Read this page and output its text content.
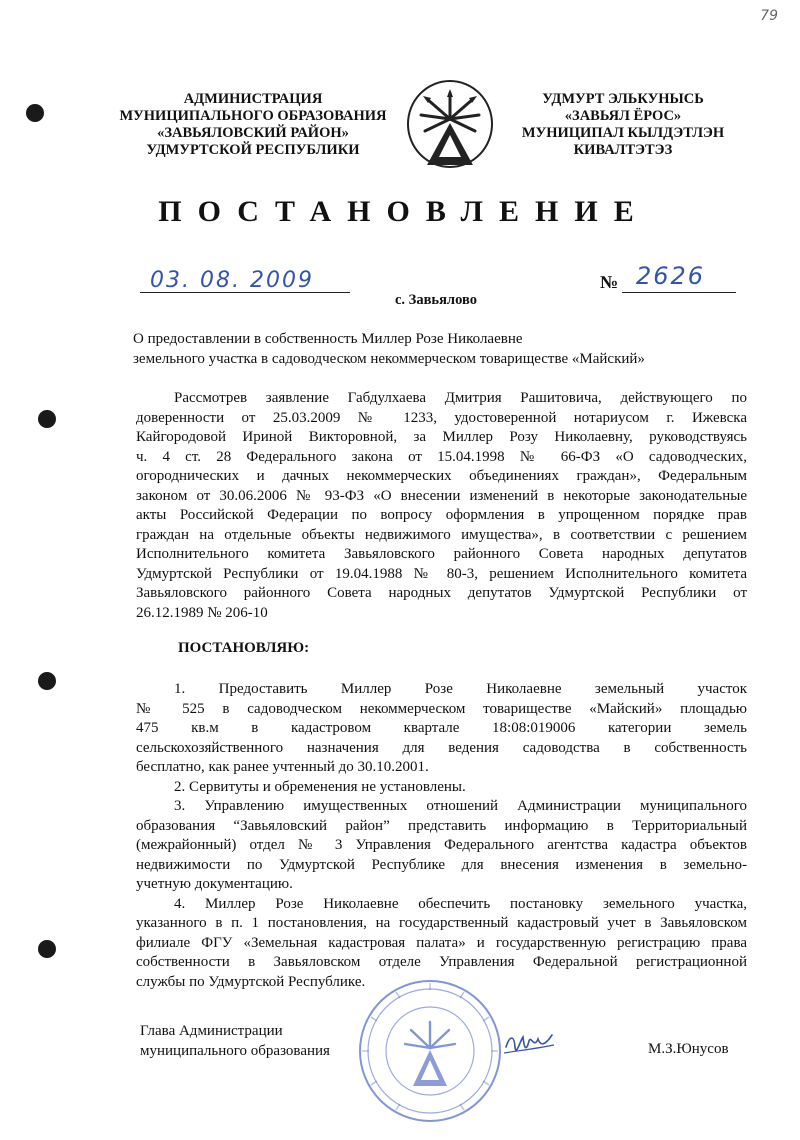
79
АДМИНИСТРАЦИЯ
МУНИЦИПАЛЬНОГО ОБРАЗОВАНИЯ
«ЗАВЬЯЛОВСКИЙ РАЙОН»
УДМУРТСКОЙ РЕСПУБЛИКИ
УДМУРТ ЭЛЬКУНЫСЬ
«ЗАВЬЯЛ ЁРОС»
МУНИЦИПАЛ КЫЛДЭТЛЭН
КИВАЛТЭТЭЗ
ПОСТАНОВЛЕНИЕ
03. 08. 2009	№ 2626
с. Завьялово

О предоставлении в собственность Миллер Розе Николаевне

земельного участка в садоводческом некоммерческом товариществе «Майский»

Рассмотрев заявление Габдулхаева Дмитрия Рашитовича, действующего по

доверенности от 25.03.2009 № 1233, удостоверенной нотариусом г. Ижевска

Кайгородовой Ириной Викторовной, за Миллер Розу Николаевну, руководствуясь

ч. 4 ст. 28 Федерального закона от 15.04.1998 № 66-ФЗ «О садоводческих,

огороднических и дачных некоммерческих объединениях граждан», Федеральным

законом от 30.06.2006 № 93-ФЗ «О внесении изменений в некоторые законодательные

акты Российской Федерации по вопросу оформления в упрощенном порядке прав

граждан на отдельные объекты недвижимого имущества», в соответствии с решением

Исполнительного комитета Завьяловского районного Совета народных депутатов

Удмуртской Республики от 19.04.1988 № 80-3, решением Исполнительного комитета

Завьяловского районного Совета народных депутатов Удмуртской Республики от

26.12.1989 № 206-10

ПОСТАНОВЛЯЮ:

1. Предоставить Миллер Розе Николаевне земельный участок

№ 525 в садоводческом некоммерческом товариществе «Майский» площадью

475 кв.м в кадастровом квартале 18:08:019006 категории земель

сельскохозяйственного назначения для ведения садоводства в собственность

бесплатно, как ранее учтенный до 30.10.2001.

2. Сервитуты и обременения не установлены.

3. Управлению имущественных отношений Администрации муниципального

образования “Завьяловский район” представить информацию в Территориальный

(межрайонный) отдел № 3 Управления Федерального агентства кадастра объектов

недвижимости по Удмуртской Республике для внесения изменения в земельно-

учетную документацию.

4. Миллер Розе Николаевне обеспечить постановку земельного участка,

указанного в п. 1 постановления, на государственный кадастровый учет в Завьяловском

филиале ФГУ «Земельная кадастровая палата» и государственную регистрацию права

собственности в Завьяловском отделе Управления Федеральной регистрационной

службы по Удмуртской Республике.

Глава Администрации

муниципального образования	М.З.Юнусов
